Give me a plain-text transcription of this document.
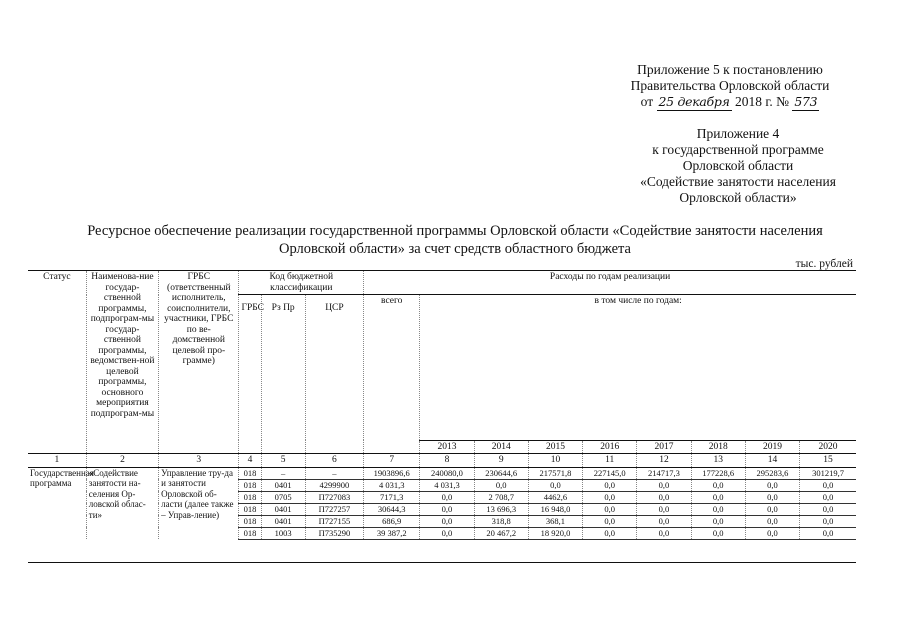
Приложение 5 к постановлению
Правительства Орловской области
от 25 декабря 2018 г. № 573
Приложение 4
к государственной программе
Орловской области
«Содействие занятости населения
Орловской области»
Ресурсное обеспечение реализации государственной программы Орловской области «Содействие занятости населения
Орловской области» за счет средств областного бюджета
тыс. рублей
Статус	Наименова-ние государ-ственной программы, подпрограм-мы государ-ственной программы, ведомствен-ной целевой программы, основного мероприятия подпрограм-мы	ГРБС (ответственный исполнитель, соисполнители, участники, ГРБС по ве-домственной целевой про-грамме)	Код бюджетной классификации			Расходы по годам реализации								
			ГРБС	Рз Пр	ЦСР	всего	в том числе по годам:							
							2013	2014	2015	2016	2017	2018	2019	2020
1	2	3	4	5	6	7	8	9	10	11	12	13	14	15
Государственная программа	«Содействие занятости на-селения Ор-ловской облас-ти»	Управление тру-да и занятости Орловской об-ласти (далее также – Управ-ление)	018	–	–	1903896,6	240080,0	230644,6	217571,8	227145,0	214717,3	177228,6	295283,6	301219,7
			018	0401	4299900	4 031,3	4 031,3	0,0	0,0	0,0	0,0	0,0	0,0	0,0
			018	0705	П727083	7171,3	0,0	2 708,7	4462,6	0,0	0,0	0,0	0,0	0,0
			018	0401	П727257	30644,3	0,0	13 696,3	16 948,0	0,0	0,0	0,0	0,0	0,0
			018	0401	П727155	686,9	0,0	318,8	368,1	0,0	0,0	0,0	0,0	0,0
			018	1003	П735290	39 387,2	0,0	20 467,2	18 920,0	0,0	0,0	0,0	0,0	0,0
